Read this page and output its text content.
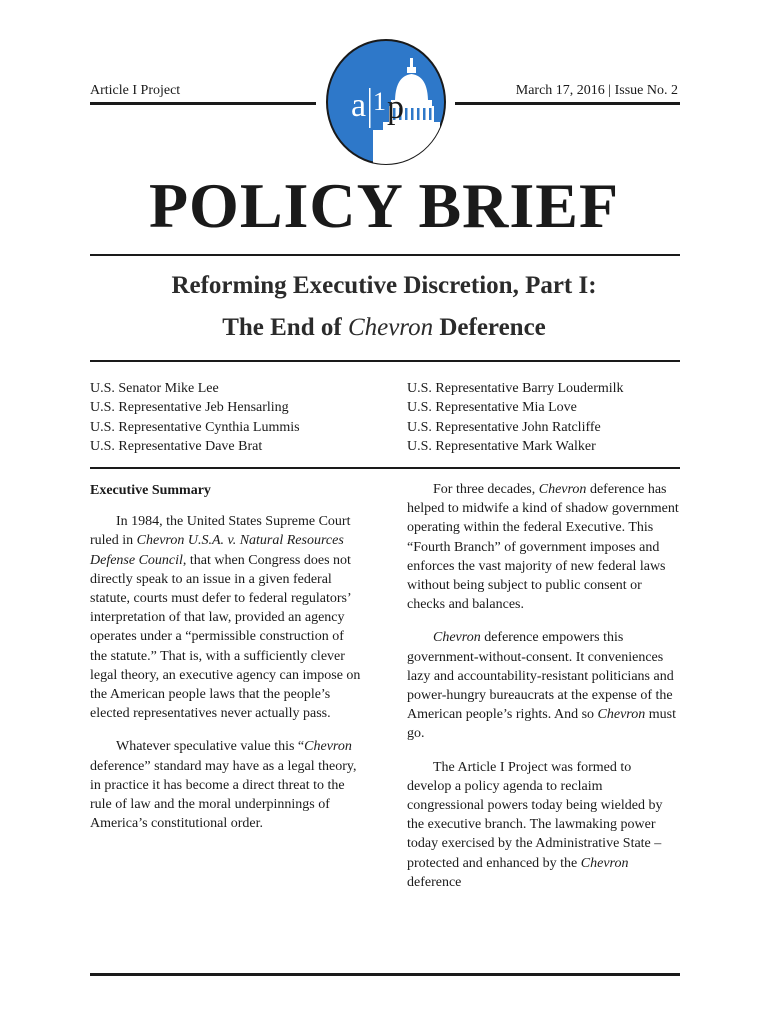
Article I Project	March 17, 2016 | Issue No. 2
a 1 p
POLICY BRIEF
Reforming Executive Discretion, Part I:
The End of Chevron Deference
U.S. Senator Mike Lee
U.S. Representative Jeb Hensarling
U.S. Representative Cynthia Lummis
U.S. Representative Dave Brat
U.S. Representative Barry Loudermilk
U.S. Representative Mia Love
U.S. Representative John Ratcliffe
U.S. Representative Mark Walker
Executive Summary

In 1984, the United States Supreme Court ruled in Chevron U.S.A. v. Natural Resources Defense Council, that when Congress does not directly speak to an issue in a given federal statute, courts must defer to federal regulators’ interpretation of that law, provided an agency operates under a “permissible construction of the statute.” That is, with a sufficiently clever legal theory, an executive agency can impose on the American people laws that the people’s elected representatives never actually pass.

Whatever speculative value this “Chevron deference” standard may have as a legal theory, in practice it has become a direct threat to the rule of law and the moral underpinnings of America’s constitutional order.

For three decades, Chevron deference has helped to midwife a kind of shadow government operating within the federal Executive. This “Fourth Branch” of government imposes and enforces the vast majority of new federal laws without being subject to public consent or checks and balances.

Chevron deference empowers this government-without-consent. It conveniences lazy and accountability-resistant politicians and power-hungry bureaucrats at the expense of the American people’s rights. And so Chevron must go.

The Article I Project was formed to develop a policy agenda to reclaim congressional powers today being wielded by the executive branch. The lawmaking power today exercised by the Administrative State – protected and enhanced by the Chevron deference
